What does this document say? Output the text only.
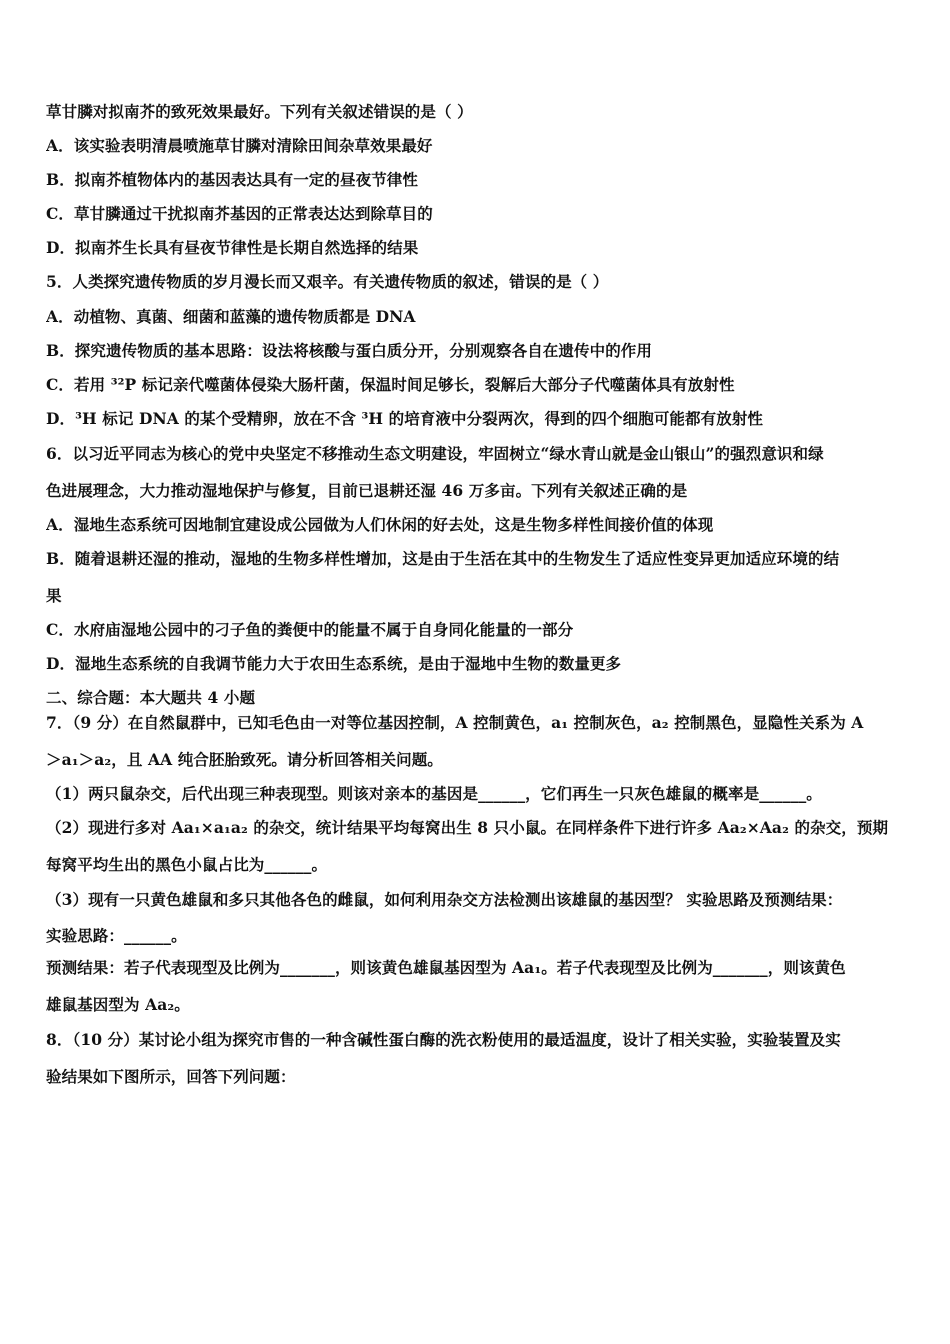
草甘膦对拟南芥的致死效果最好。下列有关叙述错误的是（ ）
A．该实验表明清晨喷施草甘膦对清除田间杂草效果最好
B．拟南芥植物体内的基因表达具有一定的昼夜节律性
C．草甘膦通过干扰拟南芥基因的正常表达达到除草目的
D．拟南芥生长具有昼夜节律性是长期自然选择的结果
5．人类探究遗传物质的岁月漫长而又艰辛。有关遗传物质的叙述，错误的是（ ）
A．动植物、真菌、细菌和蓝藻的遗传物质都是 DNA
B．探究遗传物质的基本思路：设法将核酸与蛋白质分开，分别观察各自在遗传中的作用
C．若用 ³²P 标记亲代噬菌体侵染大肠杆菌，保温时间足够长，裂解后大部分子代噬菌体具有放射性
D．³H 标记 DNA 的某个受精卵，放在不含 ³H 的培育液中分裂两次，得到的四个细胞可能都有放射性
6．以习近平同志为核心的党中央坚定不移推动生态文明建设，牢固树立“绿水青山就是金山银山”的强烈意识和绿
色进展理念，大力推动湿地保护与修复，目前已退耕还湿 46 万多亩。下列有关叙述正确的是
A．湿地生态系统可因地制宜建设成公园做为人们休闲的好去处，这是生物多样性间接价值的体现
B．随着退耕还湿的推动，湿地的生物多样性增加，这是由于生活在其中的生物发生了适应性变异更加适应环境的结
果
C．水府庙湿地公园中的刁子鱼的粪便中的能量不属于自身同化能量的一部分
D．湿地生态系统的自我调节能力大于农田生态系统，是由于湿地中生物的数量更多
二、综合题：本大题共 4 小题
7．（9 分）在自然鼠群中，已知毛色由一对等位基因控制，A 控制黄色，a₁ 控制灰色，a₂ 控制黑色，显隐性关系为 A
＞a₁＞a₂，且 AA 纯合胚胎致死。请分析回答相关问题。
（1）两只鼠杂交，后代出现三种表现型。则该对亲本的基因是______，它们再生一只灰色雄鼠的概率是______。
（2）现进行多对 Aa₁×a₁a₂ 的杂交，统计结果平均每窝出生 8 只小鼠。在同样条件下进行许多 Aa₂×Aa₂ 的杂交，预期
每窝平均生出的黑色小鼠占比为______。
（3）现有一只黄色雄鼠和多只其他各色的雌鼠，如何利用杂交方法检测出该雄鼠的基因型？ 实验思路及预测结果：
实验思路：______。
预测结果：若子代表现型及比例为_______，则该黄色雄鼠基因型为 Aa₁。若子代表现型及比例为_______，则该黄色
雄鼠基因型为 Aa₂。
8．（10 分）某讨论小组为探究市售的一种含碱性蛋白酶的洗衣粉使用的最适温度，设计了相关实验，实验装置及实
验结果如下图所示，回答下列问题：
